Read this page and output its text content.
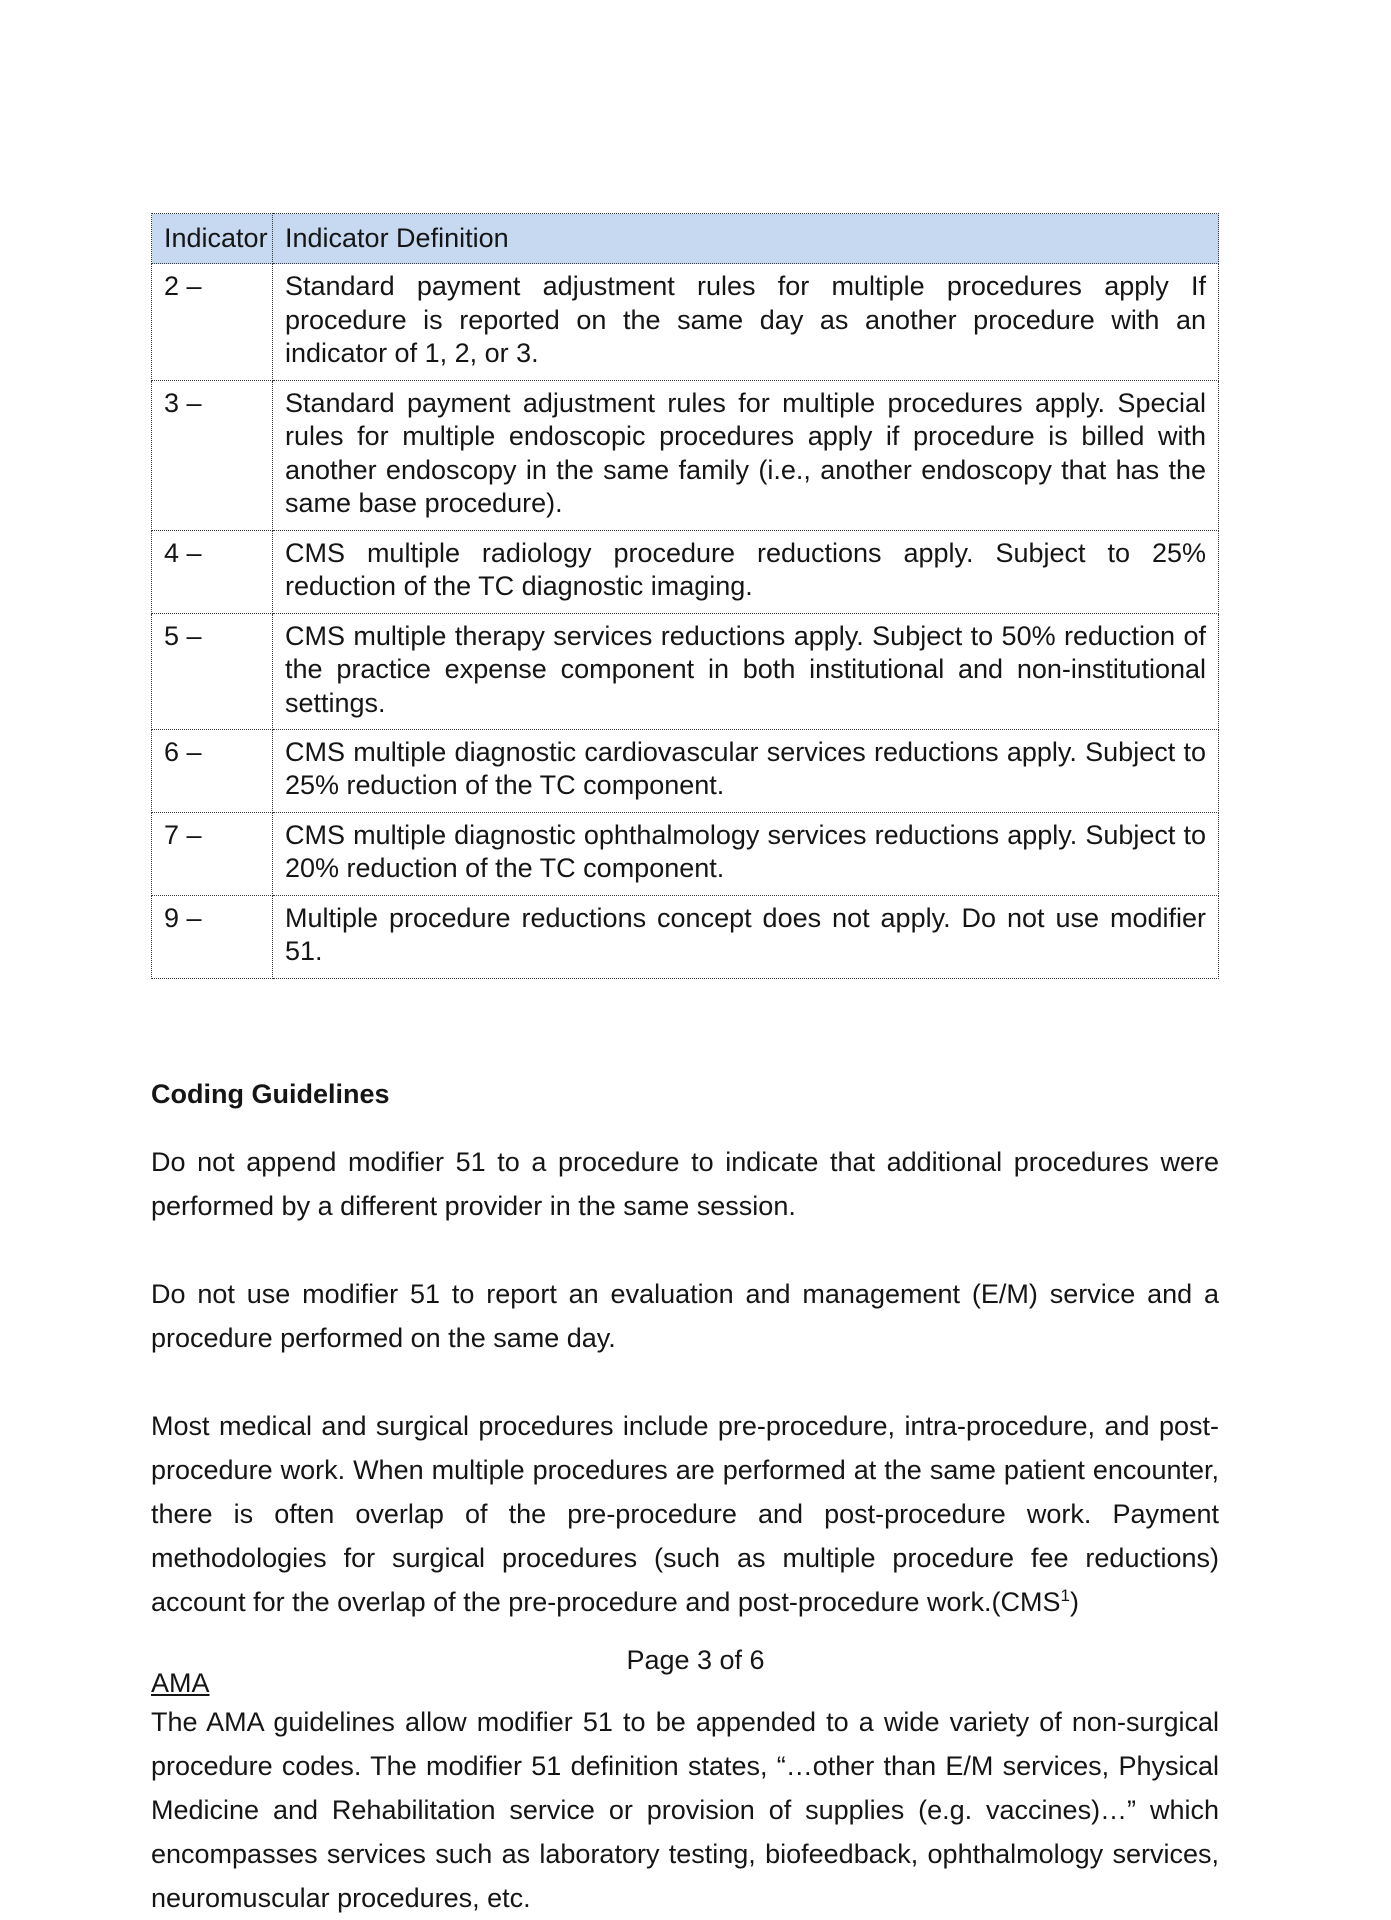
Indicator	Indicator Definition
2 –	Standard payment adjustment rules for multiple procedures apply If procedure is reported on the same day as another procedure with an indicator of 1, 2, or 3.
3 –	Standard payment adjustment rules for multiple procedures apply. Special rules for multiple endoscopic procedures apply if procedure is billed with another endoscopy in the same family (i.e., another endoscopy that has the same base procedure).
4 –	CMS multiple radiology procedure reductions apply. Subject to 25% reduction of the TC diagnostic imaging.
5 –	CMS multiple therapy services reductions apply. Subject to 50% reduction of the practice expense component in both institutional and non-institutional settings.
6 –	CMS multiple diagnostic cardiovascular services reductions apply. Subject to 25% reduction of the TC component.
7 –	CMS multiple diagnostic ophthalmology services reductions apply. Subject to 20% reduction of the TC component.
9 –	Multiple procedure reductions concept does not apply. Do not use modifier 51.
Coding Guidelines

Do not append modifier 51 to a procedure to indicate that additional procedures were performed by a different provider in the same session.

Do not use modifier 51 to report an evaluation and management (E/M) service and a procedure performed on the same day.

Most medical and surgical procedures include pre-procedure, intra-procedure, and post-procedure work. When multiple procedures are performed at the same patient encounter, there is often overlap of the pre-procedure and post-procedure work. Payment methodologies for surgical procedures (such as multiple procedure fee reductions) account for the overlap of the pre-procedure and post-procedure work.(CMS$^1$)

AMA

The AMA guidelines allow modifier 51 to be appended to a wide variety of non-surgical procedure codes. The modifier 51 definition states, “…other than E/M services, Physical Medicine and Rehabilitation service or provision of supplies (e.g. vaccines)…” which encompasses services such as laboratory testing, biofeedback, ophthalmology services, neuromuscular procedures, etc.

Page 3 of 6
